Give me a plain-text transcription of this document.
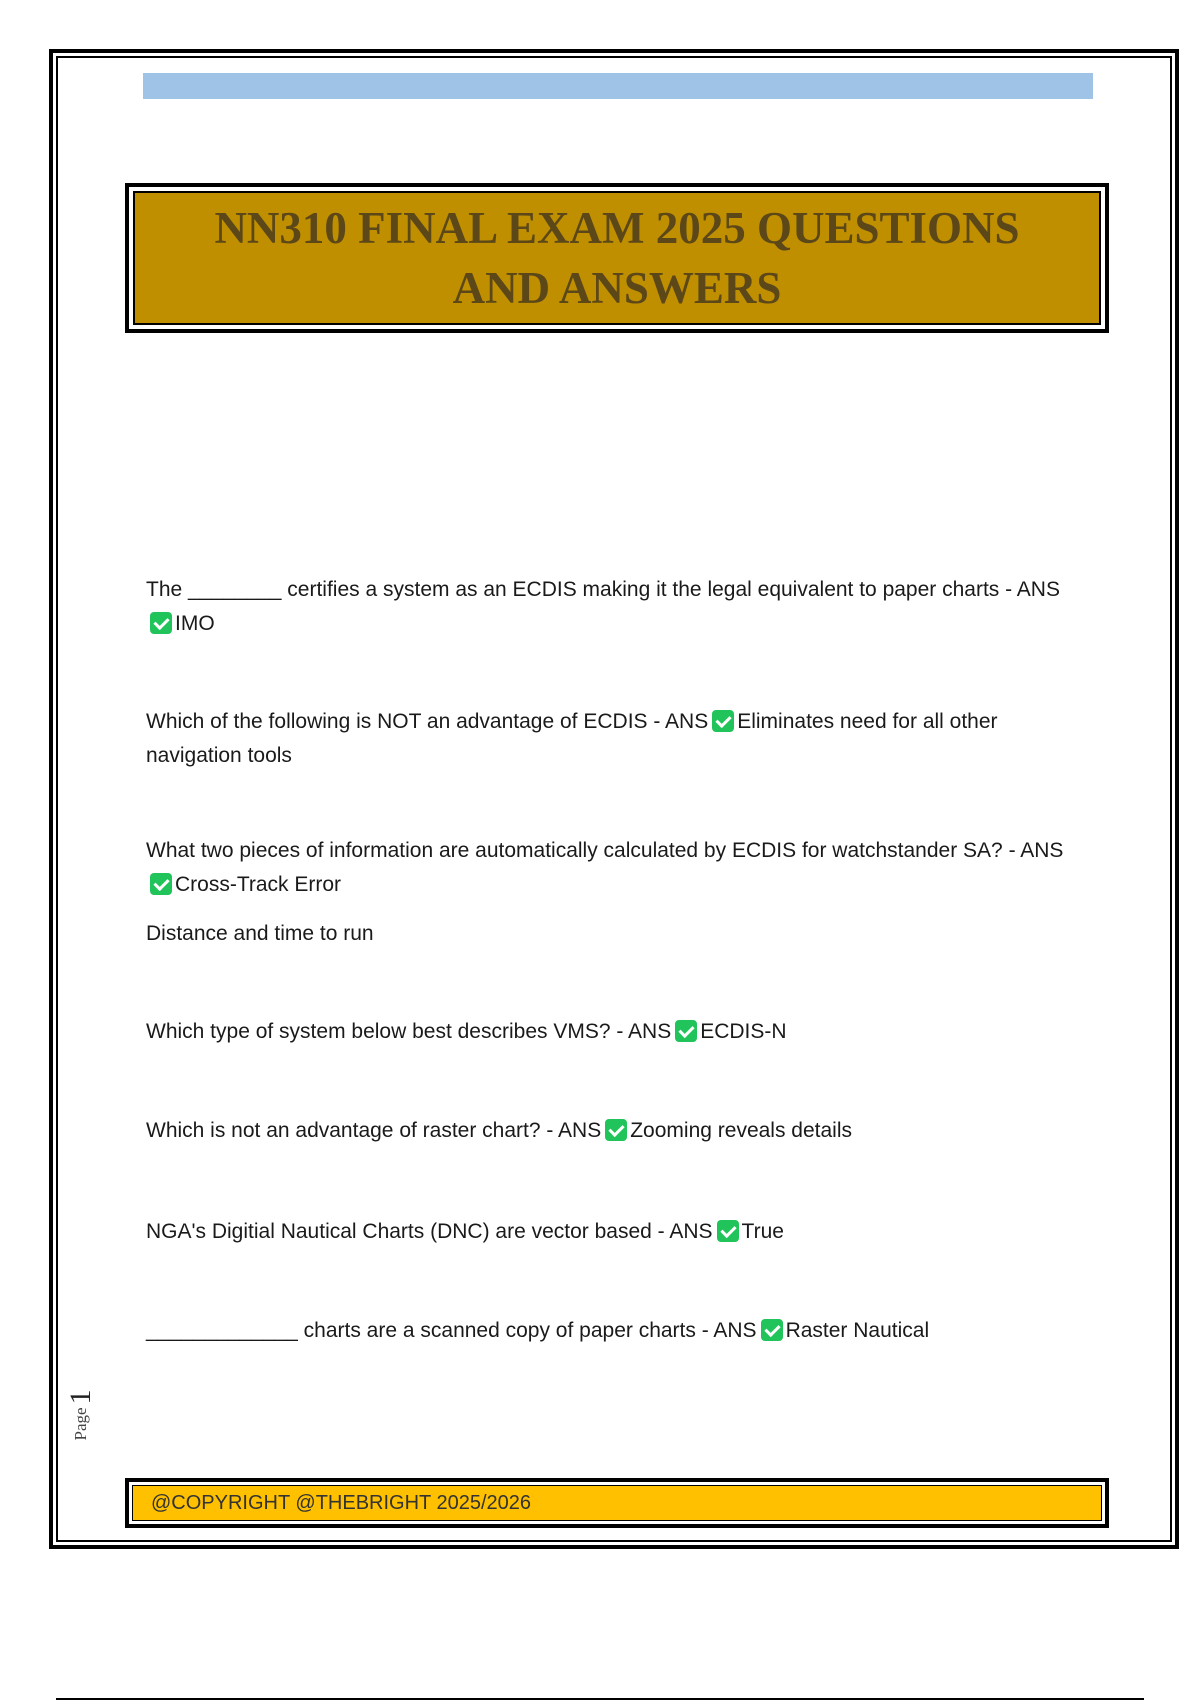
NN310 FINAL EXAM 2025 QUESTIONS AND ANSWERS

The ________ certifies a system as an ECDIS making it the legal equivalent to paper charts - ANSIMO

Which of the following is NOT an advantage of ECDIS - ANS Eliminates need for all other navigation tools

What two pieces of information are automatically calculated by ECDIS for watchstander SA? - ANSCross-Track Error

Distance and time to run

Which type of system below best describes VMS? - ANS ECDIS-N

Which is not an advantage of raster chart? - ANS Zooming reveals details

NGA's Digitial Nautical Charts (DNC) are vector based - ANS True

_____________ charts are a scanned copy of paper charts - ANS Raster Nautical

Page
1
@COPYRIGHT @THEBRIGHT 2025/2026
